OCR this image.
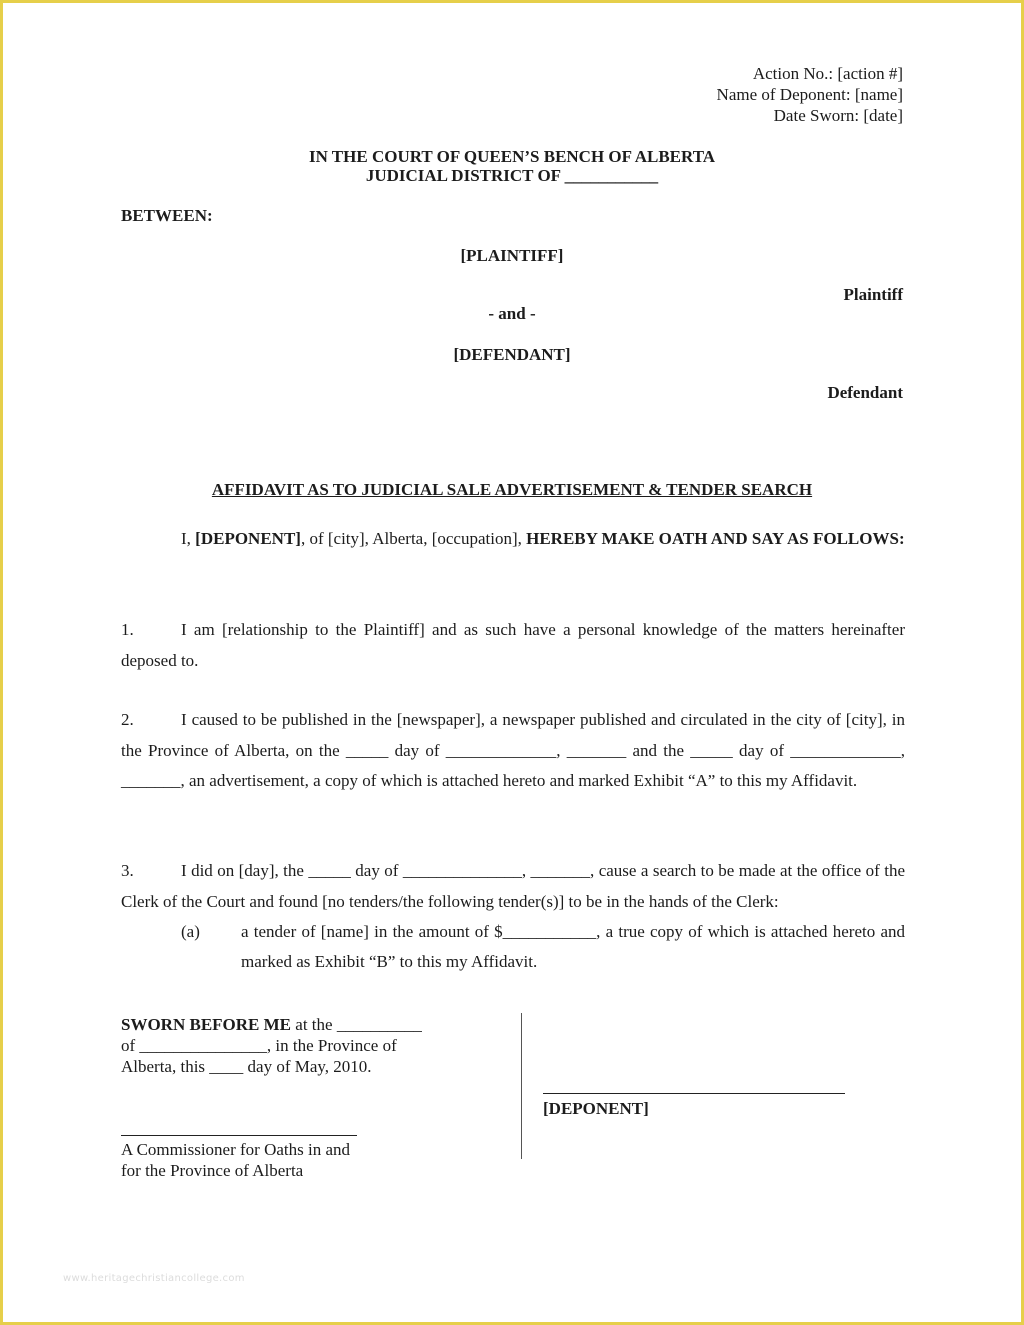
Action No.: [action #]
Name of Deponent: [name]
Date Sworn: [date]
IN THE COURT OF QUEEN’S BENCH OF ALBERTA
JUDICIAL DISTRICT OF ___________
BETWEEN:
[PLAINTIFF]
Plaintiff
- and -
[DEFENDANT]
Defendant
AFFIDAVIT AS TO JUDICIAL SALE ADVERTISEMENT & TENDER SEARCH
I, [DEPONENT], of [city], Alberta, [occupation], HEREBY MAKE OATH AND SAY AS FOLLOWS:
1.	I am [relationship to the Plaintiff] and as such have a personal knowledge of the matters hereinafter deposed to.
2.	I caused to be published in the [newspaper], a newspaper published and circulated in the city of [city], in the Province of Alberta, on the _____ day of _____________, _______ and the _____ day of _____________, _______, an advertisement, a copy of which is attached hereto and marked Exhibit “A” to this my Affidavit.
3.	I did on [day], the _____ day of ______________, _______, cause a search to be made at the office of the Clerk of the Court and found [no tenders/the following tender(s)] to be in the hands of the Clerk:
(a) a tender of [name] in the amount of $___________, a true copy of which is attached hereto and marked as Exhibit “B” to this my Affidavit.
SWORN BEFORE ME at the __________
of _______________, in the Province of
Alberta, this ____ day of May, 2010.
A Commissioner for Oaths in and
for the Province of Alberta
[DEPONENT]
www.heritagechristiancollege.com
